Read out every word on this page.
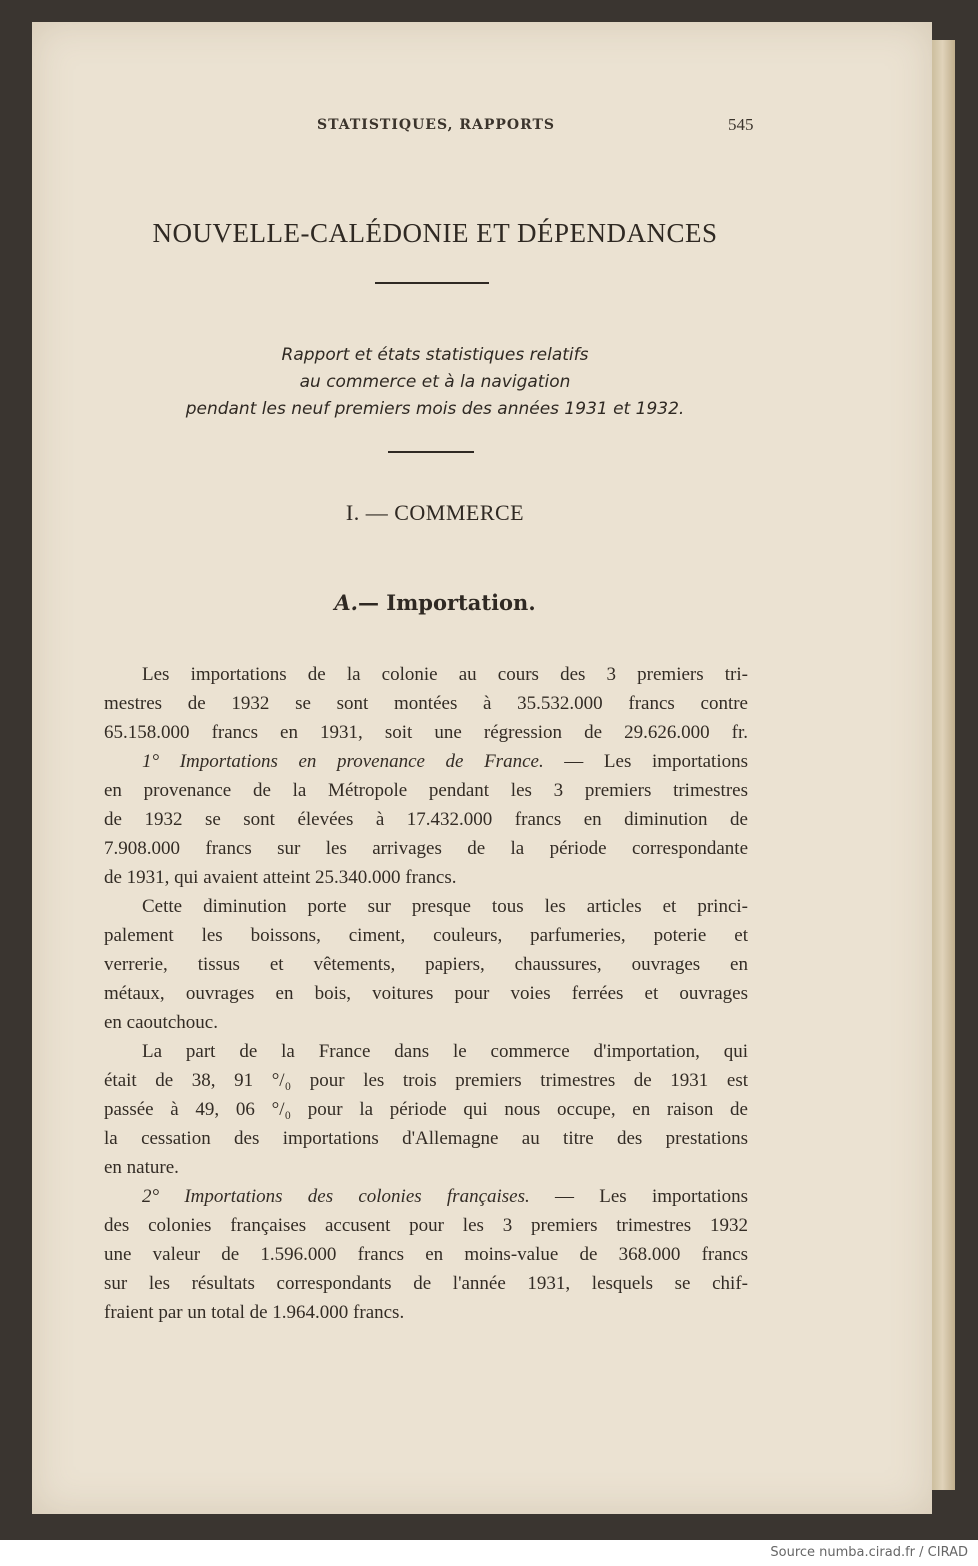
STATISTIQUES, RAPPORTS	545
NOUVELLE-CALÉDONIE ET DÉPENDANCES
Rapport et états statistiques relatifs
au commerce et à la navigation
pendant les neuf premiers mois des années 1931 et 1932.
I. — COMMERCE
A.— Importation.
Les importations de la colonie au cours des 3 premiers tri-
mestres de 1932 se sont montées à 35.532.000 francs contre
65.158.000 francs en 1931, soit une régression de 29.626.000 fr.
1° Importations en provenance de France. — Les importations
en provenance de la Métropole pendant les 3 premiers trimestres
de 1932 se sont élevées à 17.432.000 francs en diminution de
7.908.000 francs sur les arrivages de la période correspondante
de 1931, qui avaient atteint 25.340.000 francs.
Cette diminution porte sur presque tous les articles et princi-
palement les boissons, ciment, couleurs, parfumeries, poterie et
verrerie, tissus et vêtements, papiers, chaussures, ouvrages en
métaux, ouvrages en bois, voitures pour voies ferrées et ouvrages
en caoutchouc.
La part de la France dans le commerce d'importation, qui
était de 38, 91 °/₀ pour les trois premiers trimestres de 1931 est
passée à 49, 06 °/₀ pour la période qui nous occupe, en raison de
la cessation des importations d'Allemagne au titre des prestations
en nature.
2° Importations des colonies françaises. — Les importations
des colonies françaises accusent pour les 3 premiers trimestres 1932
une valeur de 1.596.000 francs en moins-value de 368.000 francs
sur les résultats correspondants de l'année 1931, lesquels se chif-
fraient par un total de 1.964.000 francs.
Source numba.cirad.fr / CIRAD
